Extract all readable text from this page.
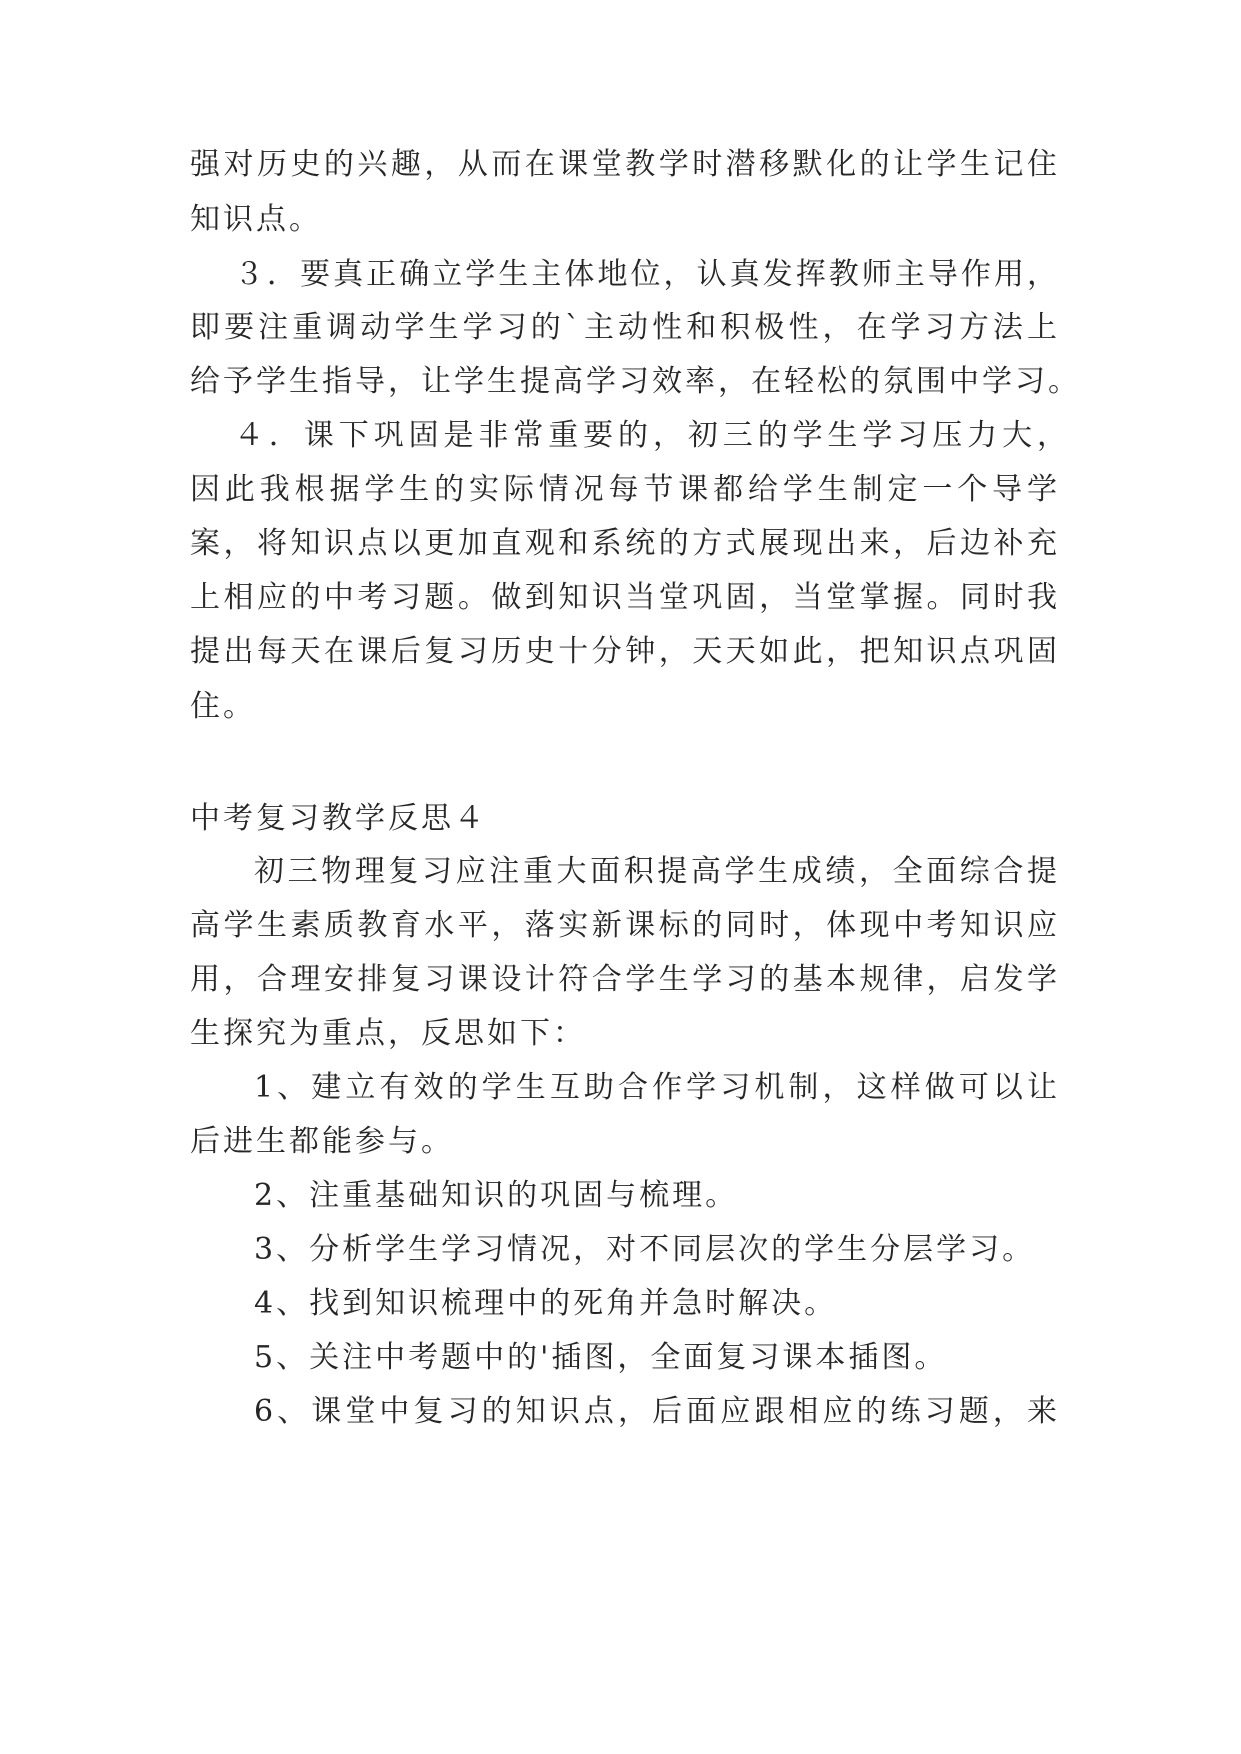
强对历史的兴趣，从而在课堂教学时潜移默化的让学生记住
知识点。
３．要真正确立学生主体地位，认真发挥教师主导作用，
即要注重调动学生学习的`主动性和积极性，在学习方法上
给予学生指导，让学生提高学习效率，在轻松的氛围中学习。
４．课下巩固是非常重要的，初三的学生学习压力大，
因此我根据学生的实际情况每节课都给学生制定一个导学
案，将知识点以更加直观和系统的方式展现出来，后边补充
上相应的中考习题。做到知识当堂巩固，当堂掌握。同时我
提出每天在课后复习历史十分钟，天天如此，把知识点巩固
住。
中考复习教学反思４
初三物理复习应注重大面积提高学生成绩，全面综合提
高学生素质教育水平，落实新课标的同时，体现中考知识应
用，合理安排复习课设计符合学生学习的基本规律，启发学
生探究为重点，反思如下：
1、建立有效的学生互助合作学习机制，这样做可以让
后进生都能参与。
2、注重基础知识的巩固与梳理。
3、分析学生学习情况，对不同层次的学生分层学习。
4、找到知识梳理中的死角并急时解决。
5、关注中考题中的'插图，全面复习课本插图。
6、课堂中复习的知识点，后面应跟相应的练习题，来
